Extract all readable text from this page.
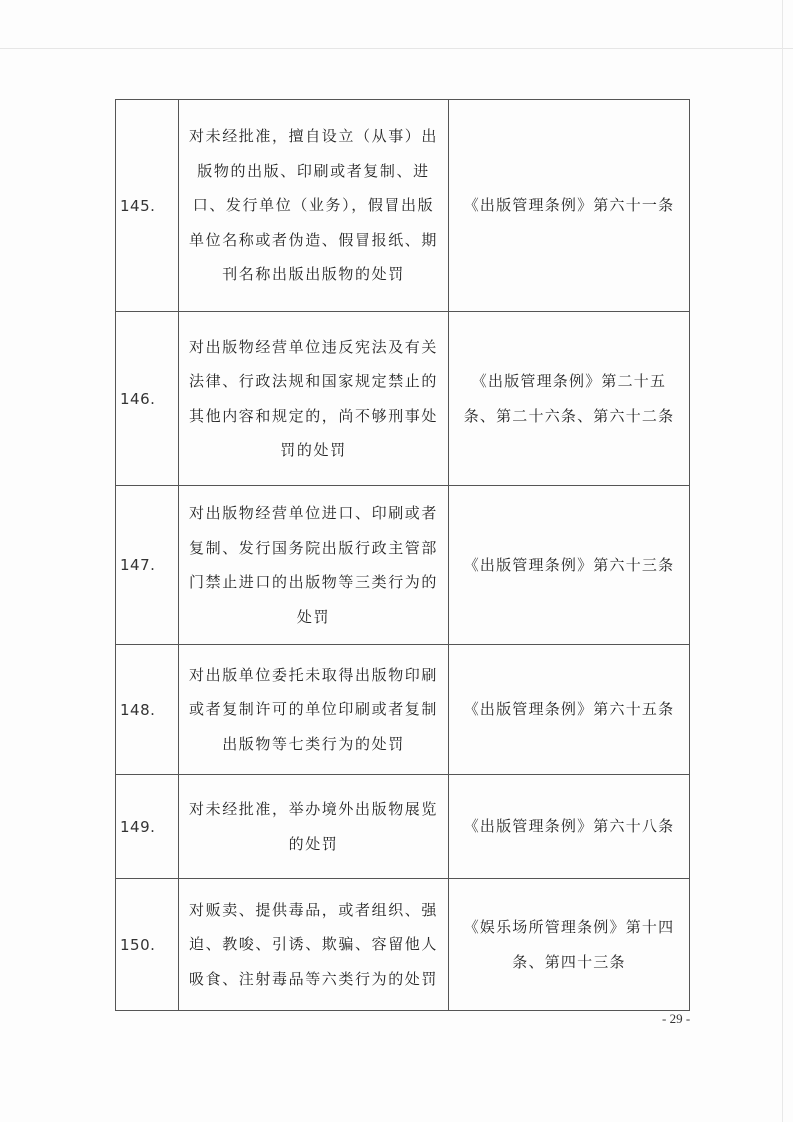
145.	对未经批准，擅自设立（从事）出版物的出版、印刷或者复制、进口、发行单位（业务），假冒出版单位名称或者伪造、假冒报纸、期刊名称出版出版物的处罚	《出版管理条例》第六十一条
146.	对出版物经营单位违反宪法及有关法律、行政法规和国家规定禁止的其他内容和规定的，尚不够刑事处罚的处罚	《出版管理条例》第二十五条、第二十六条、第六十二条
147.	对出版物经营单位进口、印刷或者复制、发行国务院出版行政主管部门禁止进口的出版物等三类行为的处罚	《出版管理条例》第六十三条
148.	对出版单位委托未取得出版物印刷或者复制许可的单位印刷或者复制出版物等七类行为的处罚	《出版管理条例》第六十五条
149.	对未经批准，举办境外出版物展览的处罚	《出版管理条例》第六十八条
150.	对贩卖、提供毒品，或者组织、强迫、教唆、引诱、欺骗、容留他人吸食、注射毒品等六类行为的处罚	《娱乐场所管理条例》第十四条、第四十三条
- 29 -
